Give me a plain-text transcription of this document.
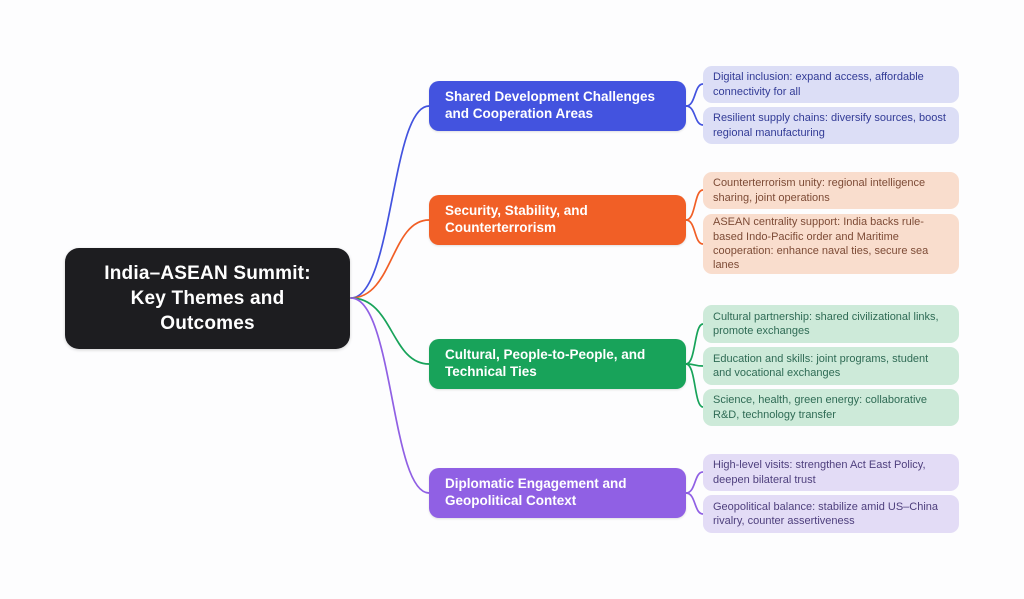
India–ASEAN Summit: Key Themes and Outcomes
Shared Development Challenges and Cooperation Areas
Digital inclusion: expand access, affordable connectivity for all
Resilient supply chains: diversify sources, boost regional manufacturing
Security, Stability, and Counterterrorism
Counterterrorism unity: regional intelligence sharing, joint operations
ASEAN centrality support: India backs rule-based Indo-Pacific order and Maritime cooperation: enhance naval ties, secure sea lanes
Cultural, People-to-People, and Technical Ties
Cultural partnership: shared civilizational links, promote exchanges
Education and skills: joint programs, student and vocational exchanges
Science, health, green energy: collaborative R&D, technology transfer
Diplomatic Engagement and Geopolitical Context
High-level visits: strengthen Act East Policy, deepen bilateral trust
Geopolitical balance: stabilize amid US–China rivalry, counter assertiveness
